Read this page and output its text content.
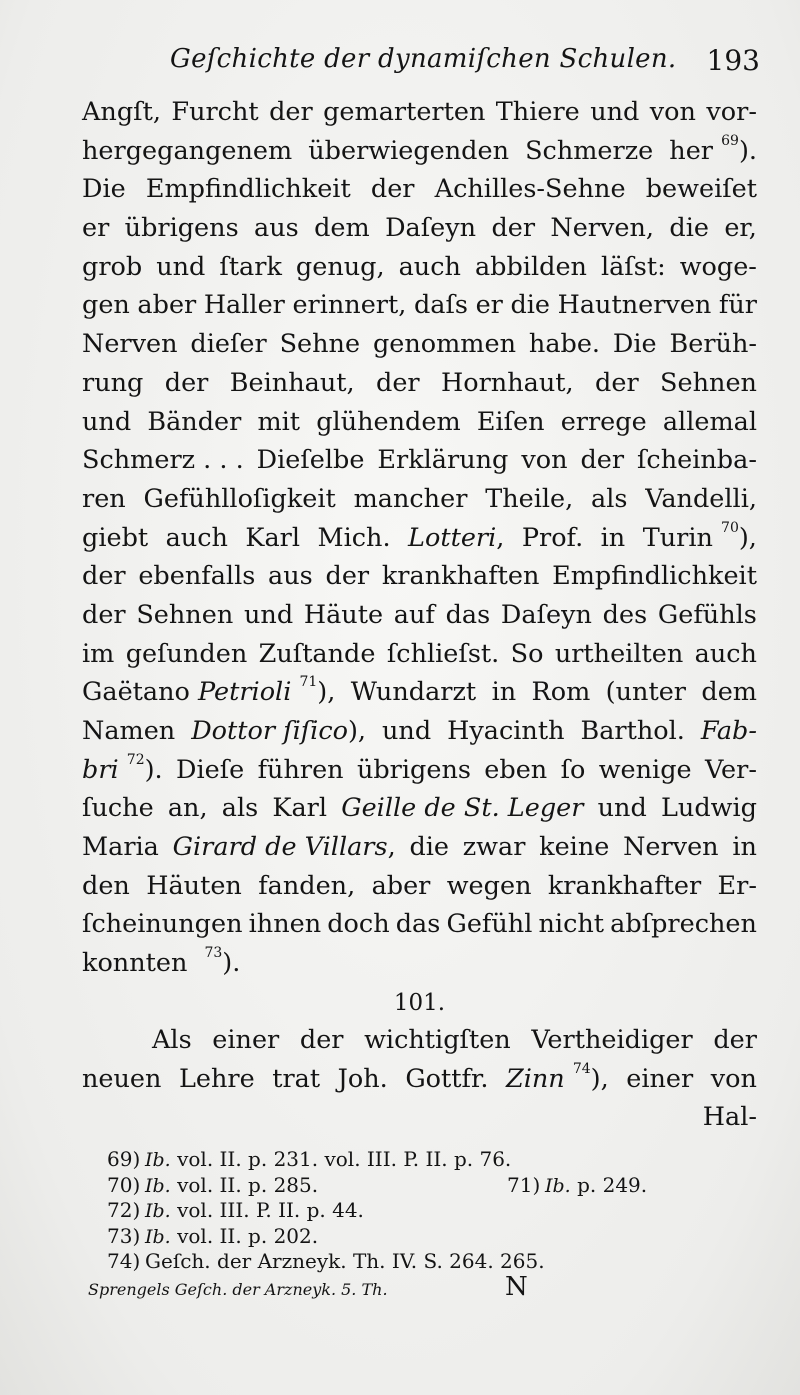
Geſchichte der dynamiſchen Schulen. 193
Angſt, Furcht der gemarterten Thiere und von vor-
hergegangenem überwiegenden Schmerze her $^{69}$).
Die Empfindlichkeit der Achilles-Sehne beweiſet
er übrigens aus dem Daſeyn der Nerven, die er,
grob und ſtark genug, auch abbilden läſst: woge-
gen aber Haller erinnert, daſs er die Hautnerven für
Nerven dieſer Sehne genommen habe. Die Berüh-
rung der Beinhaut, der Hornhaut, der Sehnen
und Bänder mit glühendem Eiſen errege allemal
Schmerz . . . Dieſelbe Erklärung von der ſcheinba-
ren Gefühlloſigkeit mancher Theile, als Vandelli,
giebt auch Karl Mich. Lotteri, Prof. in Turin $^{70}$),
der ebenfalls aus der krankhaften Empfindlichkeit
der Sehnen und Häute auf das Daſeyn des Gefühls
im geſunden Zuſtande ſchlieſst. So urtheilten auch
Gaëtano Petrioli $^{71}$), Wundarzt in Rom (unter dem
Namen Dottor ſiſico), und Hyacinth Barthol. Fab-
bri $^{72}$). Dieſe führen übrigens eben ſo wenige Ver-
ſuche an, als Karl Geille de St. Leger und Ludwig
Maria Girard de Villars, die zwar keine Nerven in
den Häuten fanden, aber wegen krankhafter Er-
ſcheinungen ihnen doch das Gefühl nicht abſprechen
konnten $^{73}$).
101.
Als einer der wichtigſten Vertheidiger der
neuen Lehre trat Joh. Gottfr. Zinn $^{74}$), einer von
Hal-
69) Ib. vol. II. p. 231. vol. III. P. II. p. 76.
70) Ib. vol. II. p. 285.	71) Ib. p. 249.
72) Ib. vol. III. P. II. p. 44.
73) Ib. vol. II. p. 202.
74) Geſch. der Arzneyk. Th. IV. S. 264. 265.
Sprengels Geſch. der Arzneyk. 5. Th.	N
